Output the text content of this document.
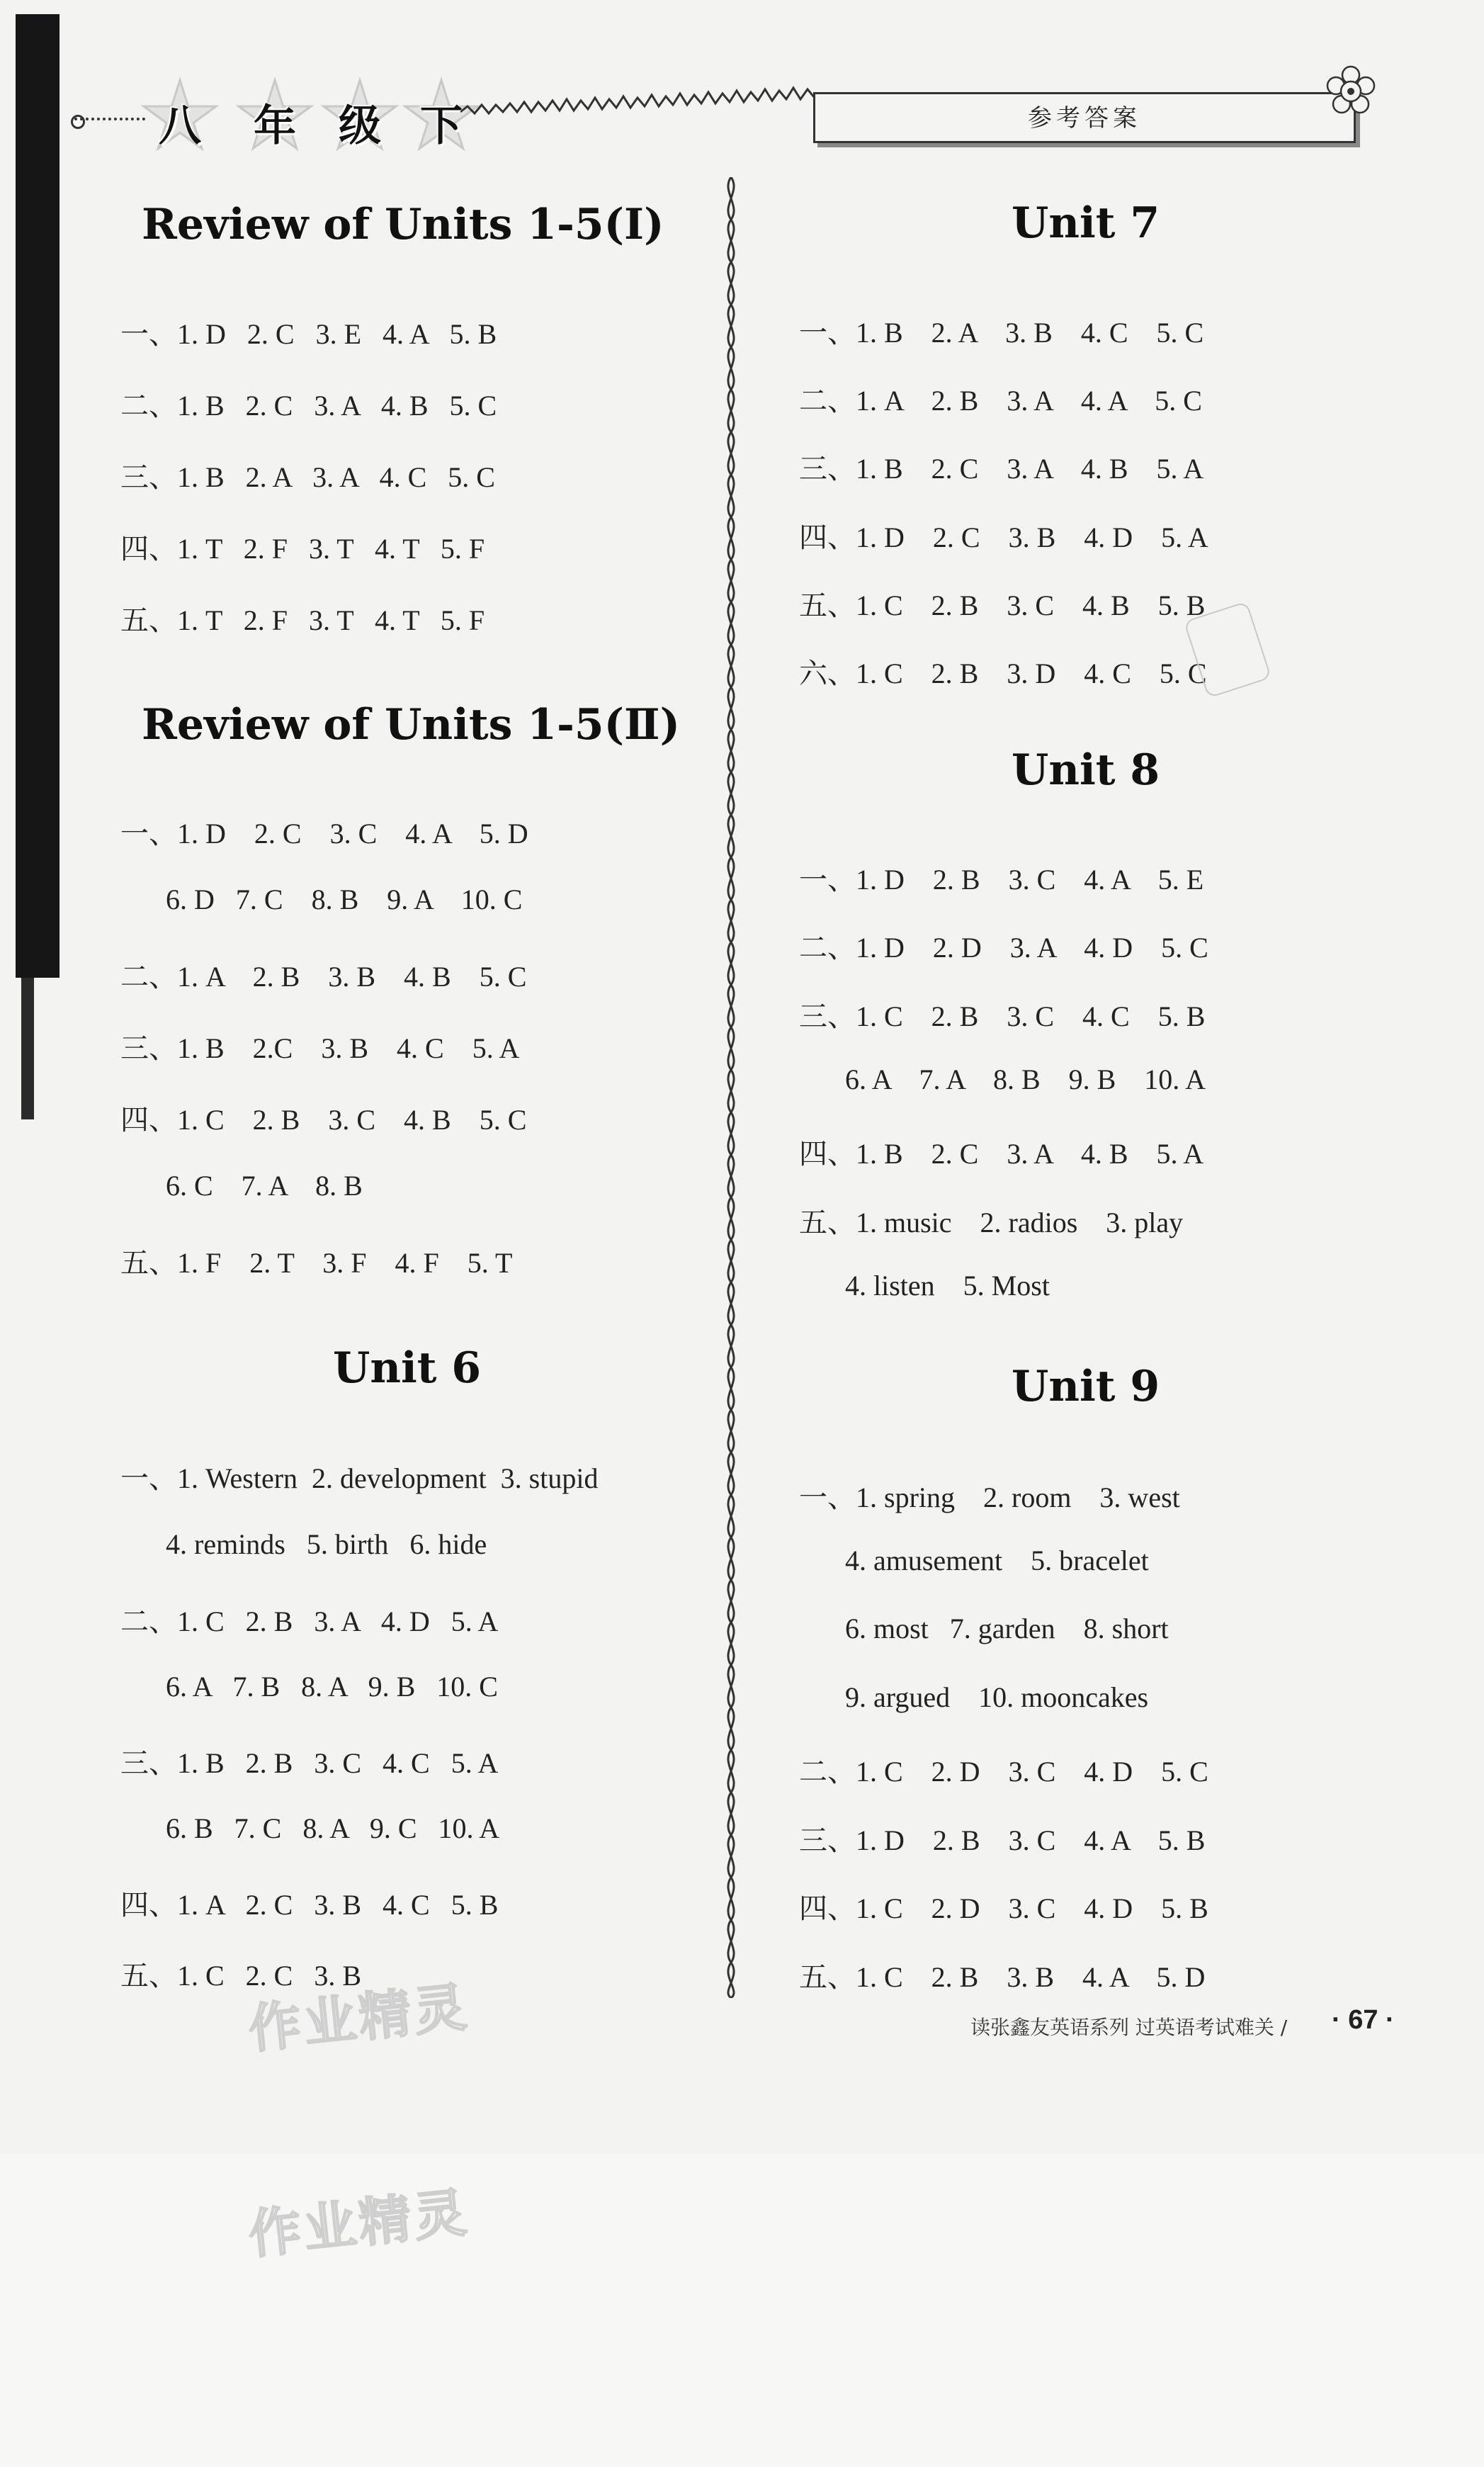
八	年	级 下	参考答案
Review of Units 1-5(Ⅰ)
一、1. D   2. C   3. E   4. A   5. B
二、1. B   2. C   3. A   4. B   5. C
三、1. B   2. A   3. A   4. C   5. C
四、1. T   2. F   3. T   4. T   5. F
五、1. T   2. F   3. T   4. T   5. F
Review of Units 1-5(Ⅱ)
一、1. D    2. C    3. C    4. A    5. D
6. D   7. C    8. B    9. A    10. C
二、1. A    2. B    3. B    4. B    5. C
三、1. B    2.C    3. B    4. C    5. A
四、1. C    2. B    3. C    4. B    5. C
6. C    7. A    8. B
五、1. F    2. T    3. F    4. F    5. T
Unit 6
一、1. Western  2. development  3. stupid
4. reminds   5. birth   6. hide
二、1. C   2. B   3. A   4. D   5. A
6. A   7. B   8. A   9. B   10. C
三、1. B   2. B   3. C   4. C   5. A
6. B   7. C   8. A   9. C   10. A
四、1. A   2. C   3. B   4. C   5. B
五、1. C   2. C   3. B
Unit 7
一、1. B    2. A    3. B    4. C    5. C
二、1. A    2. B    3. A    4. A    5. C
三、1. B    2. C    3. A    4. B    5. A
四、1. D    2. C    3. B    4. D    5. A
五、1. C    2. B    3. C    4. B    5. B
六、1. C    2. B    3. D    4. C    5. C
Unit 8
一、1. D    2. B    3. C    4. A    5. E
二、1. D    2. D    3. A    4. D    5. C
三、1. C    2. B    3. C    4. C    5. B
6. A    7. A    8. B    9. B    10. A
四、1. B    2. C    3. A    4. B    5. A
五、1. music    2. radios    3. play
4. listen    5. Most
Unit 9
一、1. spring    2. room    3. west
4. amusement    5. bracelet
6. most   7. garden    8. short
9. argued    10. mooncakes
二、1. C    2. D    3. C    4. D    5. C
三、1. D    2. B    3. C    4. A    5. B
四、1. C    2. D    3. C    4. D    5. B
五、1. C    2. B    3. B    4. A    5. D
读张鑫友英语系列 过英语考试难关 / · 67 ·
作业精灵
作业精灵
